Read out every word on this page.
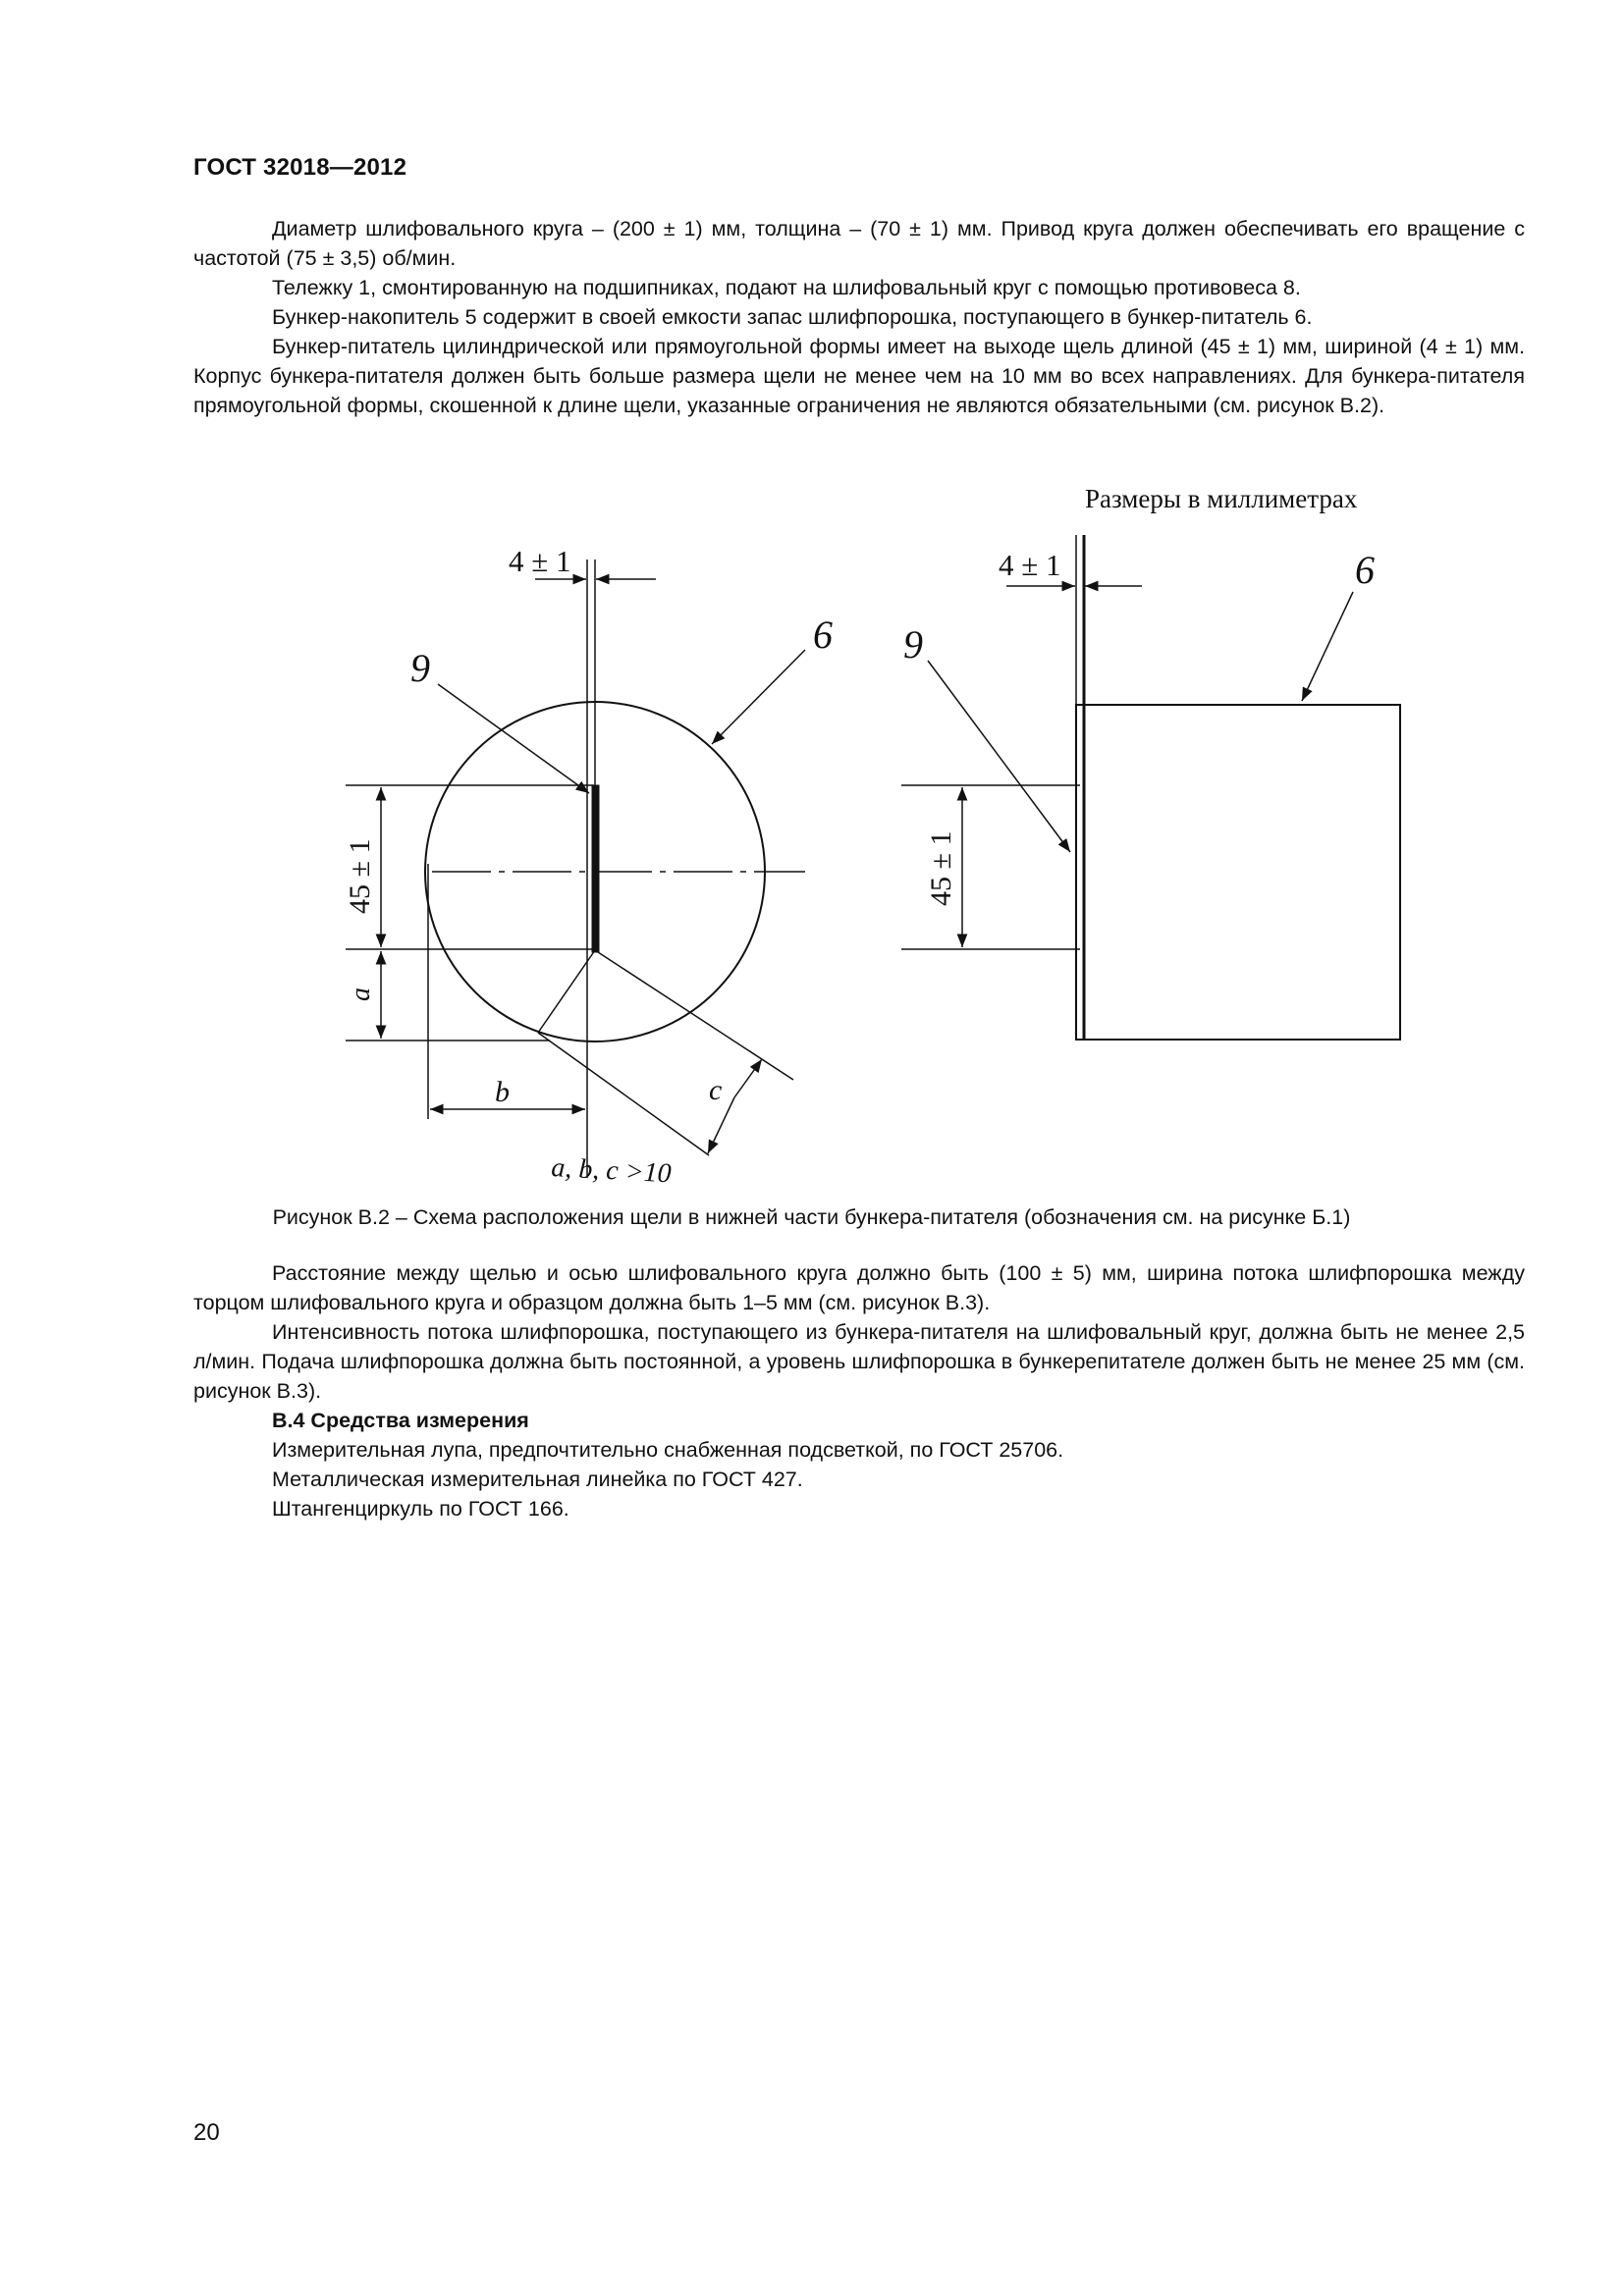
ГОСТ 32018—2012

Диаметр шлифовального круга – (200 ± 1) мм, толщина – (70 ± 1) мм. Привод круга должен обеспечивать его вращение с частотой (75 ± 3,5) об/мин.

Тележку 1, смонтированную на подшипниках, подают на шлифовальный круг с помощью противовеса 8.

Бункер-накопитель 5 содержит в своей емкости запас шлифпорошка, поступающего в бункер-питатель 6.

Бункер-питатель цилиндрической или прямоугольной формы имеет на выходе щель длиной (45 ± 1) мм, шириной (4 ± 1) мм. Корпус бункера-питателя должен быть больше размера щели не менее чем на 10 мм во всех направлениях. Для бункера-питателя прямоугольной формы, скошенной к длине щели, указанные ограничения не являются обязательными (см. рисунок В.2).

Размеры в миллиметрах
4 ± 1
9
6
45 ± 1
a
b	c
a, b, c >10
4 ± 1
9
6
45 ± 1
Рисунок В.2 – Схема расположения щели в нижней части бункера-питателя (обозначения см. на рисунке Б.1)

Расстояние между щелью и осью шлифовального круга должно быть (100 ± 5) мм, ширина потока шлифпорошка между торцом шлифовального круга и образцом должна быть 1–5 мм (см. рисунок В.3).

Интенсивность потока шлифпорошка, поступающего из бункера-питателя на шлифовальный круг, должна быть не менее 2,5 л/мин. Подача шлифпорошка должна быть постоянной, а уровень шлифпорошка в бункерепитателе должен быть не менее 25 мм (см. рисунок В.3).

В.4 Средства измерения

Измерительная лупа, предпочтительно снабженная подсветкой, по ГОСТ 25706.

Металлическая измерительная линейка по ГОСТ 427.

Штангенциркуль по ГОСТ 166.

20
